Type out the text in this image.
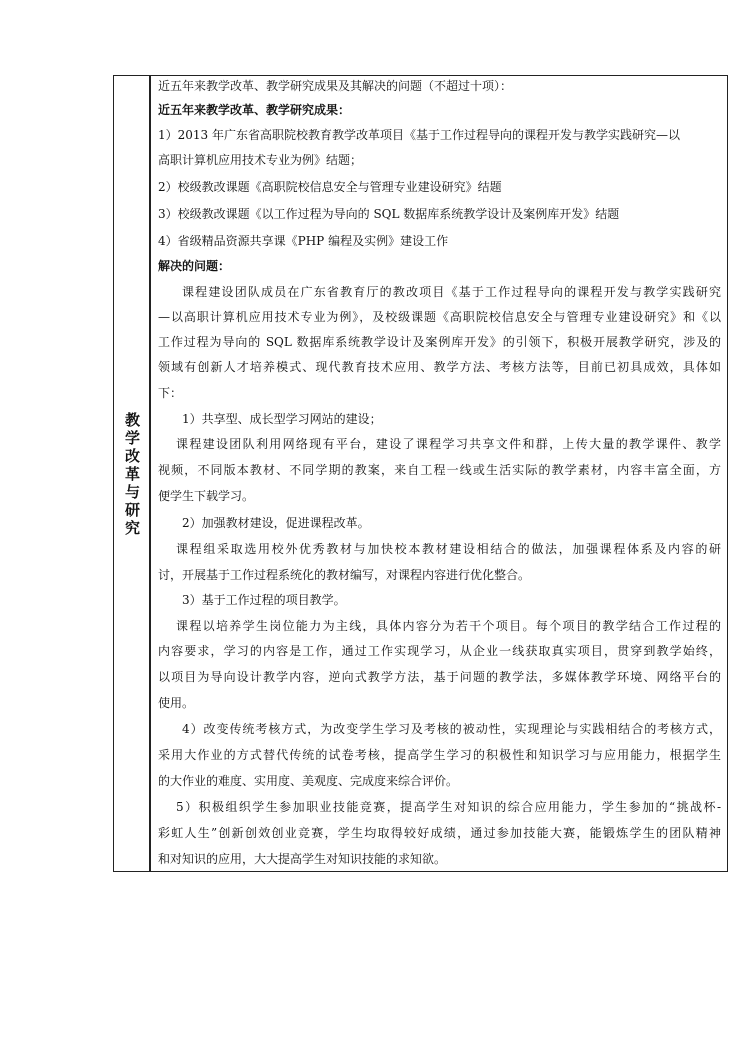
教学改革与研究
近五年来教学改革、教学研究成果及其解决的问题（不超过十项）：
近五年来教学改革、教学研究成果：
1）2013 年广东省高职院校教育教学改革项目《基于工作过程导向的课程开发与教学实践研究—以
高职计算机应用技术专业为例》结题；
2）校级教改课题《高职院校信息安全与管理专业建设研究》结题
3）校级教改课题《以工作过程为导向的 SQL 数据库系统教学设计及案例库开发》结题
4）省级精品资源共享课《PHP 编程及实例》建设工作
解决的问题：
课程建设团队成员在广东省教育厅的教改项目《基于工作过程导向的课程开发与教学实践研究
—以高职计算机应用技术专业为例》，及校级课题《高职院校信息安全与管理专业建设研究》和《以
工作过程为导向的 SQL 数据库系统教学设计及案例库开发》的引领下，积极开展教学研究，涉及的
领域有创新人才培养模式、现代教育技术应用、教学方法、考核方法等，目前已初具成效，具体如
下：
1）共享型、成长型学习网站的建设；
课程建设团队利用网络现有平台，建设了课程学习共享文件和群，上传大量的教学课件、教学
视频，不同版本教材、不同学期的教案，来自工程一线或生活实际的教学素材，内容丰富全面，方
便学生下载学习。
2）加强教材建设，促进课程改革。
课程组采取选用校外优秀教材与加快校本教材建设相结合的做法，加强课程体系及内容的研
讨，开展基于工作过程系统化的教材编写，对课程内容进行优化整合。
3）基于工作过程的项目教学。
课程以培养学生岗位能力为主线，具体内容分为若干个项目。每个项目的教学结合工作过程的
内容要求，学习的内容是工作，通过工作实现学习，从企业一线获取真实项目，贯穿到教学始终，
以项目为导向设计教学内容，逆向式教学方法，基于问题的教学法，多媒体教学环境、网络平台的
使用。
4）改变传统考核方式，为改变学生学习及考核的被动性，实现理论与实践相结合的考核方式，
采用大作业的方式替代传统的试卷考核，提高学生学习的积极性和知识学习与应用能力，根据学生
的大作业的难度、实用度、美观度、完成度来综合评价。
5）积极组织学生参加职业技能竞赛，提高学生对知识的综合应用能力，学生参加的“挑战杯-
彩虹人生”创新创效创业竞赛，学生均取得较好成绩，通过参加技能大赛，能锻炼学生的团队精神
和对知识的应用，大大提高学生对知识技能的求知欲。
